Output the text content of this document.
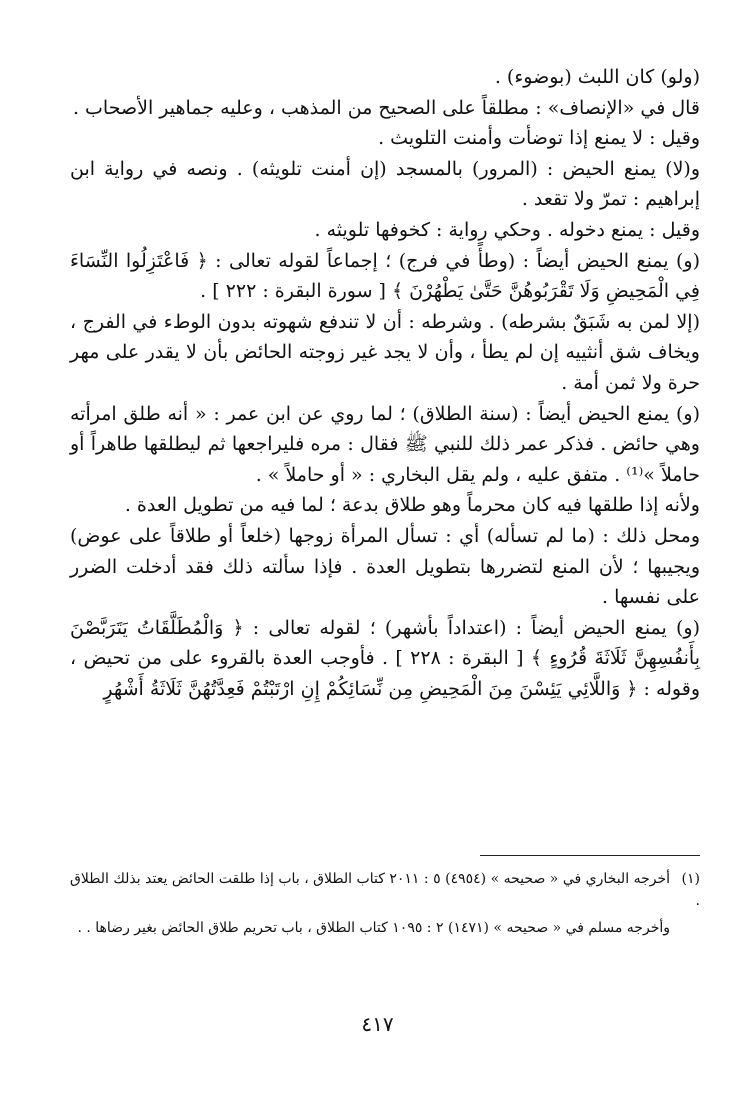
(ولو) كان اللبث (بوضوء) .

قال في «الإنصاف» : مطلقاً على الصحيح من المذهب ، وعليه جماهير الأصحاب .

وقيل : لا يمنع إذا توضأت وأمنت التلويث .

و(لا) يمنع الحيض : (المرور) بالمسجد (إن أمنت تلويثه) . ونصه في رواية ابن إبراهيم : تمرّ ولا تقعد .

وقيل : يمنع دخوله . وحكي رواية : كخوفها تلويثه .

(و) يمنع الحيض أيضاً : (وطأً في فرج) ؛ إجماعاً لقوله تعالى : ﴿ فَاعْتَزِلُوا النِّسَاءَ فِي الْمَحِيضِ وَلَا تَقْرَبُوهُنَّ حَتَّىٰ يَطْهُرْنَ ﴾ [ سورة البقرة : ٢٢٢ ] .

(إلا لمن به شَبَقٌ بشرطه) . وشرطه : أن لا تندفع شهوته بدون الوطء في الفرج ، ويخاف شق أنثييه إن لم يطأ ، وأن لا يجد غير زوجته الحائض بأن لا يقدر على مهر حرة ولا ثمن أمة .

(و) يمنع الحيض أيضاً : (سنة الطلاق) ؛ لما روي عن ابن عمر : « أنه طلق امرأته وهي حائض . فذكر عمر ذلك للنبي ﷺ فقال : مره فليراجعها ثم ليطلقها طاهراً أو حاملاً »⁽¹⁾ . متفق عليه ، ولم يقل البخاري : « أو حاملاً » .

ولأنه إذا طلقها فيه كان محرماً وهو طلاق بدعة ؛ لما فيه من تطويل العدة .

ومحل ذلك : (ما لم تسأله) أي : تسأل المرأة زوجها (خلعاً أو طلاقاً على عوض) ويجيبها ؛ لأن المنع لتضررها بتطويل العدة . فإذا سألته ذلك فقد أدخلت الضرر على نفسها .

(و) يمنع الحيض أيضاً : (اعتداداً بأشهر) ؛ لقوله تعالى : ﴿ وَالْمُطَلَّقَاتُ يَتَرَبَّصْنَ بِأَنفُسِهِنَّ ثَلَاثَةَ قُرُوءٍ ﴾ [ البقرة : ٢٢٨ ] . فأوجب العدة بالقروء على من تحيض ، وقوله : ﴿ وَاللَّائِي يَئِسْنَ مِنَ الْمَحِيضِ مِن نِّسَائِكُمْ إِنِ ارْتَبْتُمْ فَعِدَّتُهُنَّ ثَلَاثَةُ أَشْهُرٍ

(١)أخرجه البخاري في « صحيحه » (٤٩٥٤) ٥ : ٢٠١١ كتاب الطلاق ، باب إذا طلقت الحائض يعتد بذلك الطلاق .

وأخرجه مسلم في « صحيحه » (١٤٧١) ٢ : ١٠٩٥ كتاب الطلاق ، باب تحريم طلاق الحائض بغير رضاها . .

٤١٧
